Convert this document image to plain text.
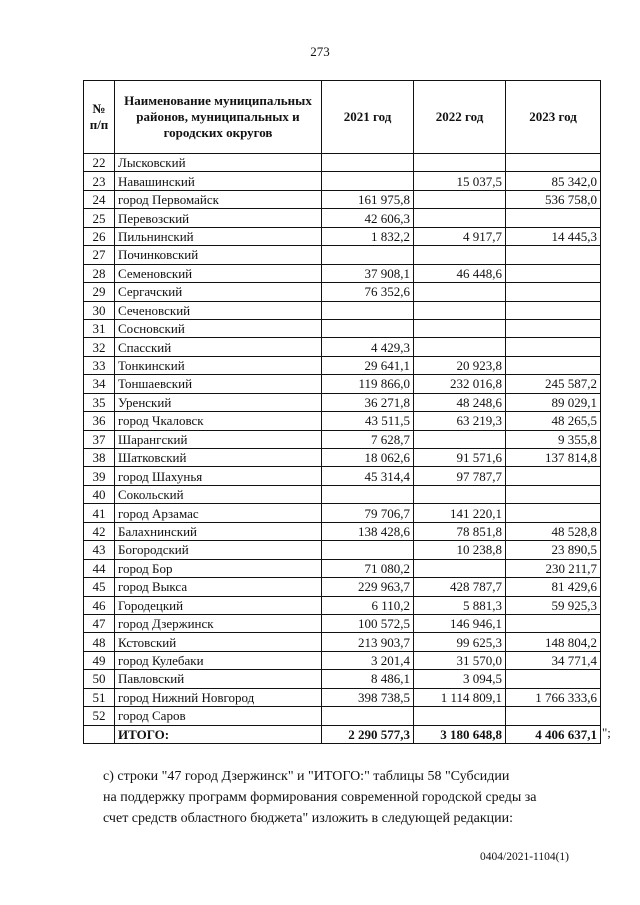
273
№ п/п	Наименование муниципальных районов, муниципальных и городских округов	2021 год	2022 год	2023 год
22	Лысковский			
23	Навашинский		15 037,5	85 342,0
24	город Первомайск	161 975,8		536 758,0
25	Перевозский	42 606,3		
26	Пильнинский	1 832,2	4 917,7	14 445,3
27	Починковский			
28	Семеновский	37 908,1	46 448,6	
29	Сергачский	76 352,6		
30	Сеченовский			
31	Сосновский			
32	Спасский	4 429,3		
33	Тонкинский	29 641,1	20 923,8	
34	Тоншаевский	119 866,0	232 016,8	245 587,2
35	Уренский	36 271,8	48 248,6	89 029,1
36	город Чкаловск	43 511,5	63 219,3	48 265,5
37	Шарангский	7 628,7		9 355,8
38	Шатковский	18 062,6	91 571,6	137 814,8
39	город Шахунья	45 314,4	97 787,7	
40	Сокольский			
41	город Арзамас	79 706,7	141 220,1	
42	Балахнинский	138 428,6	78 851,8	48 528,8
43	Богородский		10 238,8	23 890,5
44	город Бор	71 080,2		230 211,7
45	город Выкса	229 963,7	428 787,7	81 429,6
46	Городецкий	6 110,2	5 881,3	59 925,3
47	город Дзержинск	100 572,5	146 946,1	
48	Кстовский	213 903,7	99 625,3	148 804,2
49	город Кулебаки	3 201,4	31 570,0	34 771,4
50	Павловский	8 486,1	3 094,5	
51	город Нижний Новгород	398 738,5	1 114 809,1	1 766 333,6
52	город Саров			
	ИТОГО:	2 290 577,3	3 180 648,8	4 406 637,1 ";
с) строки "47 город Дзержинск" и "ИТОГО:" таблицы 58 "Субсидии
на поддержку программ формирования современной городской среды за
счет средств областного бюджета" изложить в следующей редакции:
0404/2021-1104(1)
